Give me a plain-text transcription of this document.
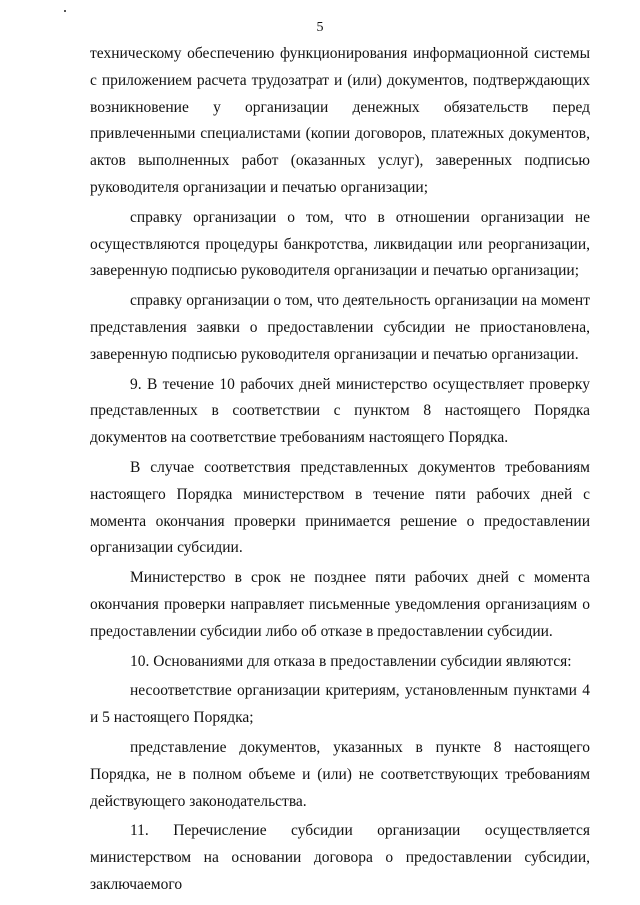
5

техническому обеспечению функционирования информационной системы с приложением расчета трудозатрат и (или) документов, подтверждающих возникновение у организации денежных обязательств перед привлеченными специалистами (копии договоров, платежных документов, актов выполненных работ (оказанных услуг), заверенных подписью руководителя организации и печатью организации;

справку организации о том, что в отношении организации не осуществляются процедуры банкротства, ликвидации или реорганизации, заверенную подписью руководителя организации и печатью организации;

справку организации о том, что деятельность организации на момент представления заявки о предоставлении субсидии не приостановлена, заверенную подписью руководителя организации и печатью организации.

9. В течение 10 рабочих дней министерство осуществляет проверку представленных в соответствии с пунктом 8 настоящего Порядка документов на соответствие требованиям настоящего Порядка.

В случае соответствия представленных документов требованиям настоящего Порядка министерством в течение пяти рабочих дней с момента окончания проверки принимается решение о предоставлении организации субсидии.

Министерство в срок не позднее пяти рабочих дней с момента окончания проверки направляет письменные уведомления организациям о предоставлении субсидии либо об отказе в предоставлении субсидии.

10. Основаниями для отказа в предоставлении субсидии являются:

несоответствие организации критериям, установленным пунктами 4 и 5 настоящего Порядка;

представление документов, указанных в пункте 8 настоящего Порядка, не в полном объеме и (или) не соответствующих требованиям действующего законодательства.

11. Перечисление субсидии организации осуществляется министерством на основании договора о предоставлении субсидии, заключаемого
